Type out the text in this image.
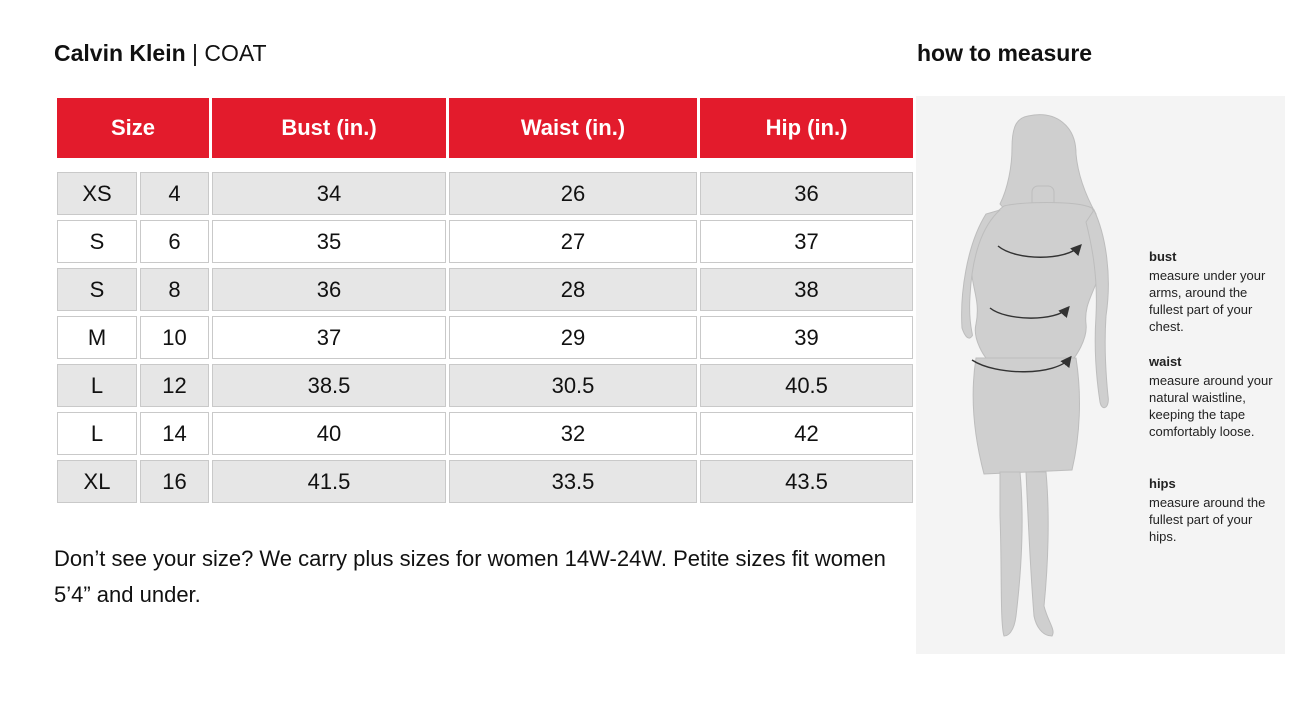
Calvin Klein | COAT	how to measure
Size	Bust (in.)	Waist (in.)	Hip (in.)
XS	4	34	26	36
S	6	35	27	37
S	8	36	28	38
M	10	37	29	39
L	12	38.5	30.5	40.5
L	14	40	32	42
XL	16	41.5	33.5	43.5
Don’t see your size? We carry plus sizes for women 14W-24W. Petite sizes fit women 5’4” and under.
bust
measure under your arms, around the fullest part of your chest.
waist
measure around your natural waistline, keeping the tape comfortably loose.
hips
measure around the fullest part of your hips.
